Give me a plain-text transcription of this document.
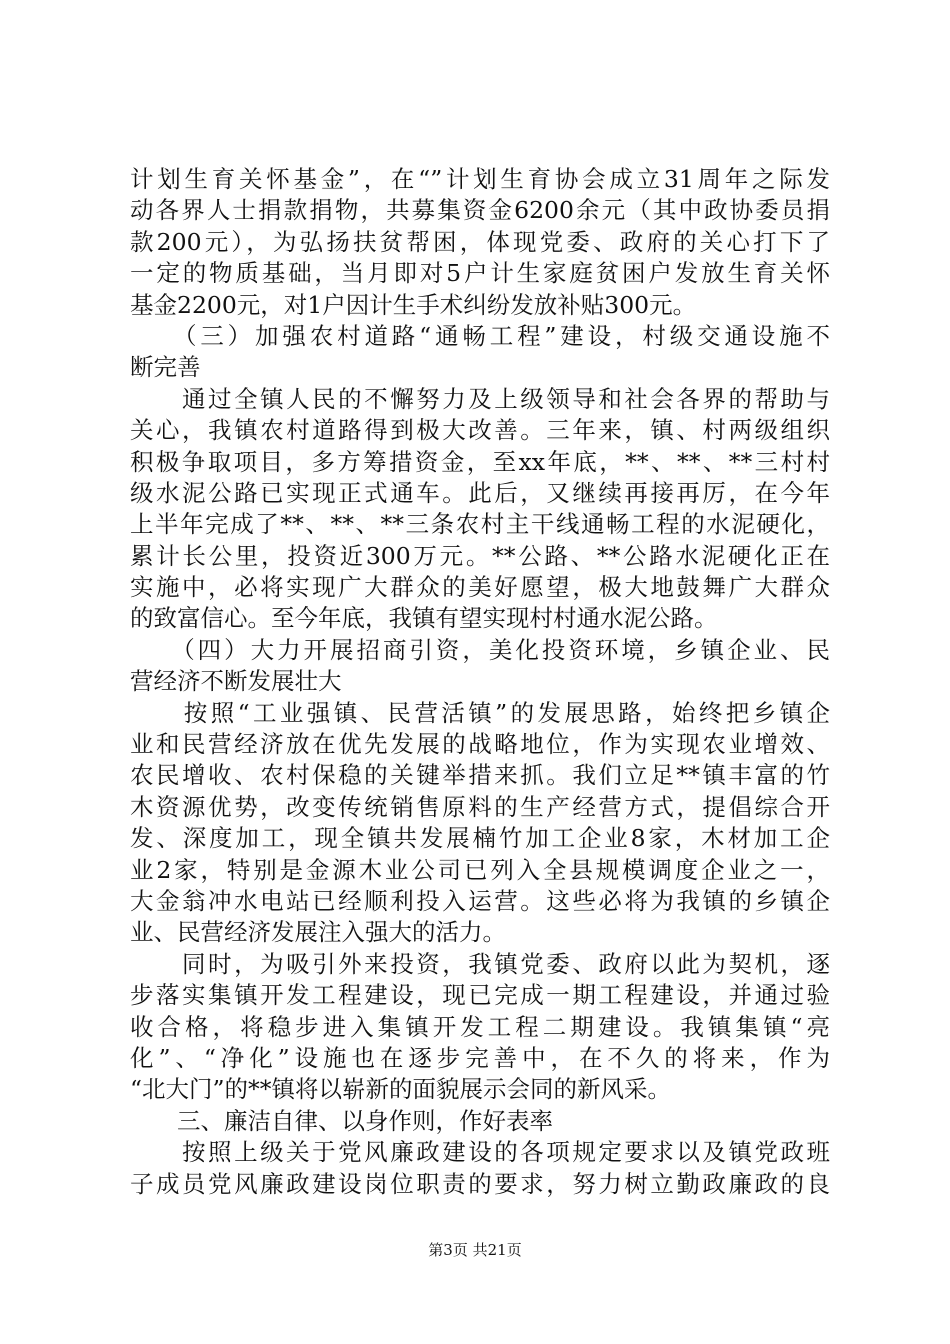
计划生育关怀基金”，在“”计划生育协会成立31周年之际发
动各界人士捐款捐物，共募集资金6200余元（其中政协委员捐
款200元），为弘扬扶贫帮困，体现党委、政府的关心打下了
一定的物质基础，当月即对5户计生家庭贫困户发放生育关怀
基金2200元，对1户因计生手术纠纷发放补贴300元。
　　（三）加强农村道路“通畅工程”建设，村级交通设施不
断完善
　　通过全镇人民的不懈努力及上级领导和社会各界的帮助与
关心，我镇农村道路得到极大改善。三年来，镇、村两级组织
积极争取项目，多方筹措资金，至xx年底，**、**、**三村村
级水泥公路已实现正式通车。此后，又继续再接再厉，在今年
上半年完成了**、**、**三条农村主干线通畅工程的水泥硬化，
累计长公里，投资近300万元。**公路、**公路水泥硬化正在
实施中，必将实现广大群众的美好愿望，极大地鼓舞广大群众
的致富信心。至今年底，我镇有望实现村村通水泥公路。
　　（四）大力开展招商引资，美化投资环境，乡镇企业、民
营经济不断发展壮大
　　按照“工业强镇、民营活镇”的发展思路，始终把乡镇企
业和民营经济放在优先发展的战略地位，作为实现农业增效、
农民增收、农村保稳的关键举措来抓。我们立足**镇丰富的竹
木资源优势，改变传统销售原料的生产经营方式，提倡综合开
发、深度加工，现全镇共发展楠竹加工企业8家，木材加工企
业2家，特别是金源木业公司已列入全县规模调度企业之一，
大金翁冲水电站已经顺利投入运营。这些必将为我镇的乡镇企
业、民营经济发展注入强大的活力。
　　同时，为吸引外来投资，我镇党委、政府以此为契机，逐
步落实集镇开发工程建设，现已完成一期工程建设，并通过验
收合格，将稳步进入集镇开发工程二期建设。我镇集镇“亮
化”、“净化”设施也在逐步完善中，在不久的将来，作为
“北大门”的**镇将以崭新的面貌展示会同的新风采。
　　三、廉洁自律、以身作则，作好表率
　　按照上级关于党风廉政建设的各项规定要求以及镇党政班
子成员党风廉政建设岗位职责的要求，努力树立勤政廉政的良
第3页 共21页
